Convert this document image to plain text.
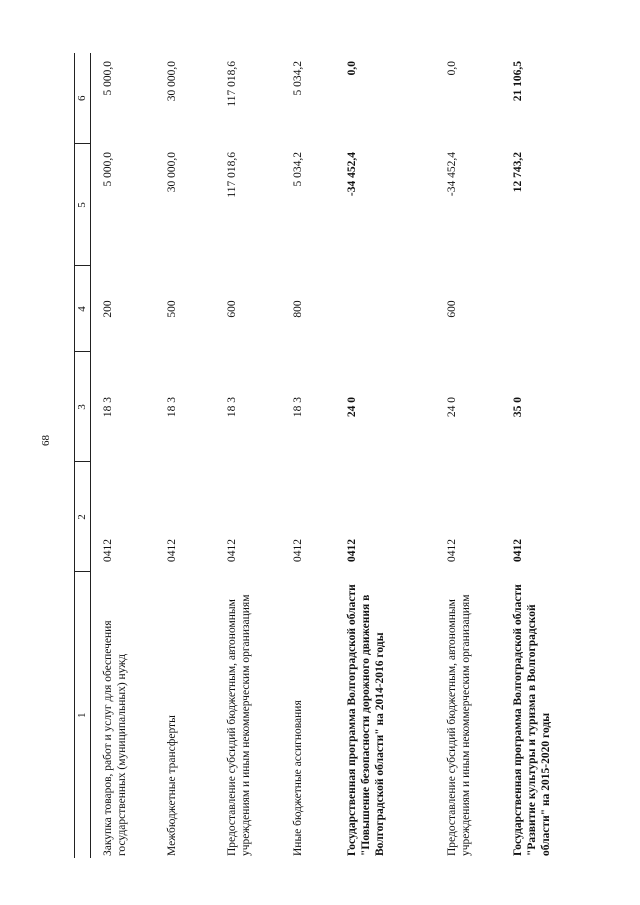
68
1	2	3	4	5	6
Закупка товаров, работ и услуг для обеспечения государственных (муниципальных) нужд	0412	18 3	200	5 000,0	5 000,0
Межбюджетные трансферты	0412	18 3	500	30 000,0	30 000,0
Предоставление субсидий бюджетным, автономным учреждениям и иным некоммерческим организациям	0412	18 3	600	117 018,6	117 018,6
Иные бюджетные ассигнования	0412	18 3	800	5 034,2	5 034,2
Государственная программа Волгоградской области "Повышение безопасности дорожного движения в Волгоградской области" на 2014-2016 годы	0412	24 0		-34 452,4	0,0
Предоставление субсидий бюджетным, автономным учреждениям и иным некоммерческим организациям	0412	24 0	600	-34 452,4	0,0
Государственная программа Волгоградской области "Развитие культуры и туризма в Волгоградской области" на 2015-2020 годы	0412	35 0		12 743,2	21 106,5
